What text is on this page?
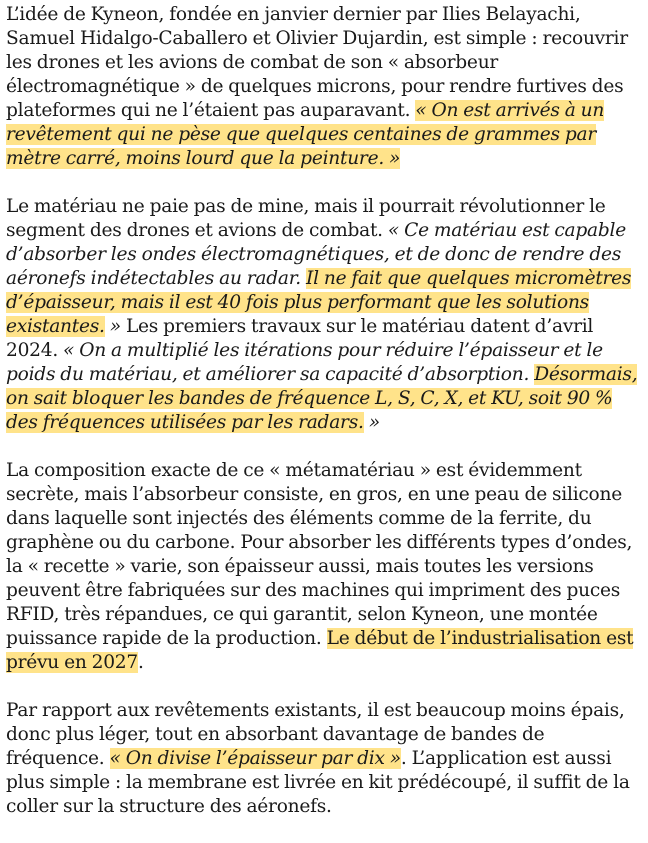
L’idée de Kyneon, fondée en janvier dernier par Ilies Belayachi, Samuel Hidalgo-Caballero et Olivier Dujardin, est simple : recouvrir les drones et les avions de combat de son « absorbeur électromagnétique » de quelques microns, pour rendre furtives des plateformes qui ne l’étaient pas auparavant. « On est arrivés à un revêtement qui ne pèse que quelques centaines de grammes par mètre carré, moins lourd que la peinture. »

Le matériau ne paie pas de mine, mais il pourrait révolutionner le segment des drones et avions de combat. « Ce matériau est capable d’absorber les ondes électromagnétiques, et de donc de rendre des aéronefs indétectables au radar. Il ne fait que quelques micromètres d’épaisseur, mais il est 40 fois plus performant que les solutions existantes. » Les premiers travaux sur le matériau datent d’avril 2024. « On a multiplié les itérations pour réduire l’épaisseur et le poids du matériau, et améliorer sa capacité d’absorption. Désormais, on sait bloquer les bandes de fréquence L, S, C, X, et KU, soit 90 % des fréquences utilisées par les radars. »

La composition exacte de ce « métamatériau » est évidemment secrète, mais l’absorbeur consiste, en gros, en une peau de silicone dans laquelle sont injectés des éléments comme de la ferrite, du graphène ou du carbone. Pour absorber les différents types d’ondes, la « recette » varie, son épaisseur aussi, mais toutes les versions peuvent être fabriquées sur des machines qui impriment des puces RFID, très répandues, ce qui garantit, selon Kyneon, une montée puissance rapide de la production. Le début de l’industrialisation est prévu en 2027.

Par rapport aux revêtements existants, il est beaucoup moins épais, donc plus léger, tout en absorbant davantage de bandes de fréquence. « On divise l’épaisseur par dix ». L’application est aussi plus simple : la membrane est livrée en kit prédécoupé, il suffit de la coller sur la structure des aéronefs.
